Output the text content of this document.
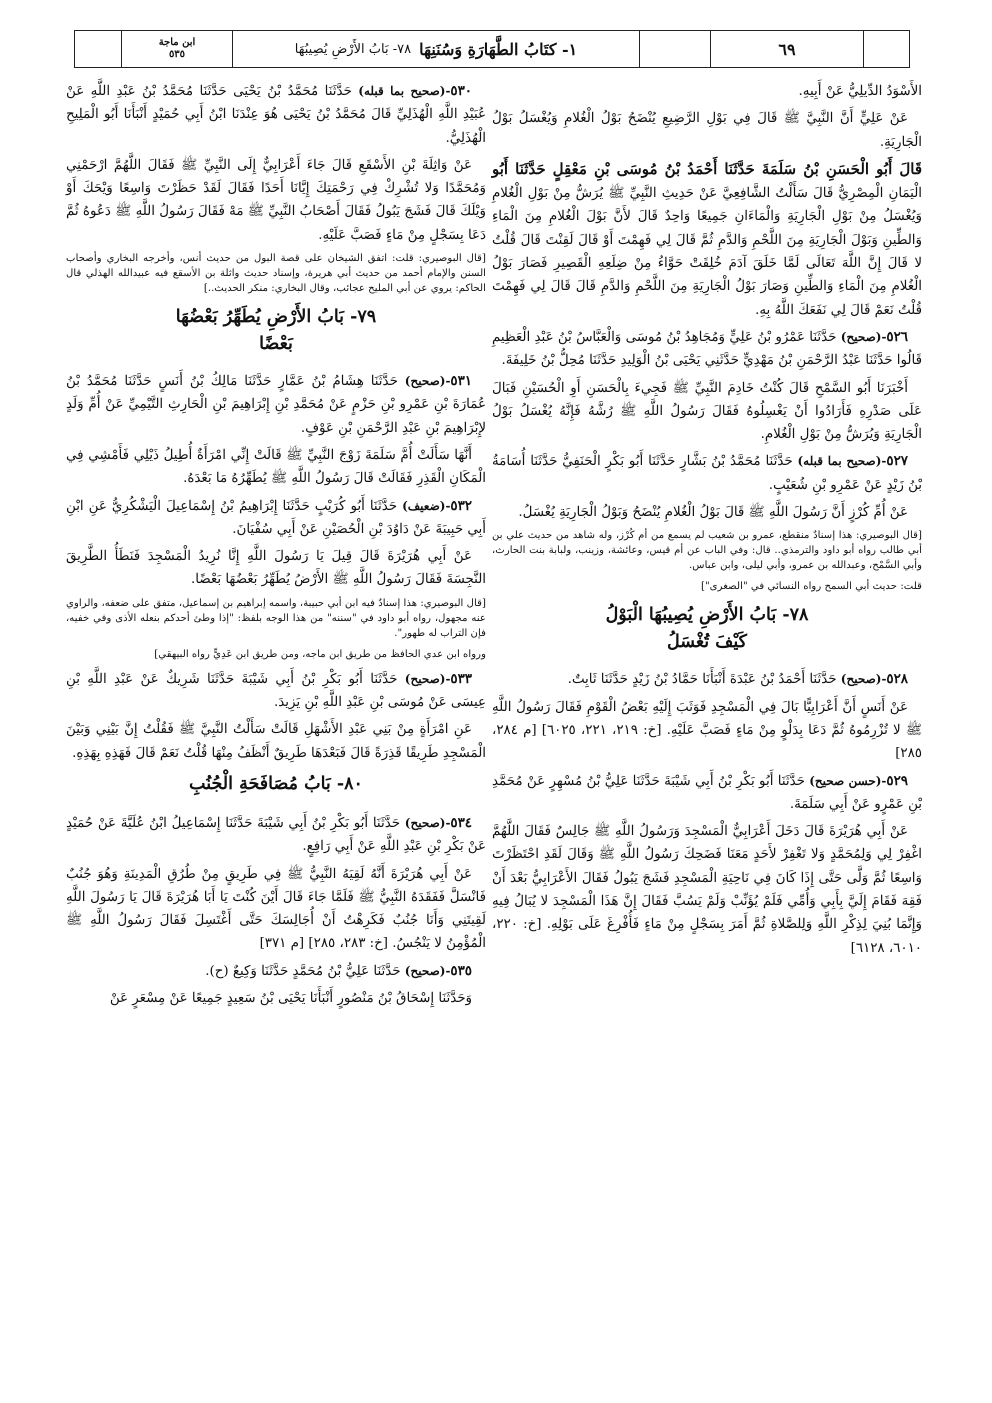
ابن ماجة
٥٣٥	١- كتَابُ الطَّهَارَةِ وَسُنَنِهَا
٧٨- بَابُ الأَرْضِ يُصِيبُهَا	٦٩

الأَسْوَدُ الدِّيلِيُّ عَنْ أَبِيهِ.

عَنْ عَلِيٍّ أَنَّ النَّبِيَّ ﷺ قَالَ فِي بَوْلِ الرَّضِيعِ يُنْضَحُ بَوْلُ الْغُلامِ وَيُغْسَلُ بَوْلُ الْجَارِيَةِ.

قَالَ أَبُو الْحَسَنِ بْنُ سَلَمَةَ حَدَّثَنَا أَحْمَدُ بْنُ مُوسَى بْنِ مَعْقِلٍ حَدَّثَنَا أَبُو الْيَمَانِ الْمِصْرِيُّ قَالَ سَأَلْتُ الشَّافِعِيَّ عَنْ حَدِيثِ النَّبِيِّ ﷺ يُرَشُّ مِنْ بَوْلِ الْغُلامِ وَيُغْسَلُ مِنْ بَوْلِ الْجَارِيَةِ وَالْمَاءَانِ جَمِيعًا وَاحِدٌ قَالَ لأَنَّ بَوْلَ الْغُلامِ مِنَ الْمَاءِ وَالطِّينِ وَبَوْلَ الْجَارِيَةِ مِنَ اللَّحْمِ وَالدَّمِ ثُمَّ قَالَ لِي فَهِمْتَ أَوْ قَالَ لَقِنْتَ قَالَ قُلْتُ لا قَالَ إِنَّ اللَّهَ تَعَالَى لَمَّا خَلَقَ آدَمَ خُلِقَتْ حَوَّاءُ مِنْ ضِلَعِهِ الْقَصِيرِ فَصَارَ بَوْلُ الْغُلامِ مِنَ الْمَاءِ وَالطِّينِ وَصَارَ بَوْلُ الْجَارِيَةِ مِنَ اللَّحْمِ وَالدَّمِ قَالَ قَالَ لِي فَهِمْتَ قُلْتُ نَعَمْ قَالَ لِي نَفَعَكَ اللَّهُ بِهِ.

٥٢٦-(صحيح) حَدَّثَنَا عَمْرُو بْنُ عَلِيٍّ وَمُجَاهِدُ بْنُ مُوسَى وَالْعَبَّاسُ بْنُ عَبْدِ الْعَظِيمِ قَالُوا حَدَّثَنَا عَبْدُ الرَّحْمَنِ بْنُ مَهْدِيٍّ حَدَّثَنِي يَحْيَى بْنُ الْوَلِيدِ حَدَّثَنَا مُحِلُّ بْنُ خَلِيفَةَ.

أَخْبَرَنَا أَبُو السَّمْحِ قَالَ كُنْتُ خَادِمَ النَّبِيِّ ﷺ فَجِيءَ بِالْحَسَنِ أَوِ الْحُسَيْنِ فَبَالَ عَلَى صَدْرِهِ فَأَرَادُوا أَنْ يَغْسِلُوهُ فَقَالَ رَسُولُ اللَّهِ ﷺ رُشَّهُ فَإِنَّهُ يُغْسَلُ بَوْلُ الْجَارِيَةِ وَيُرَشُّ مِنْ بَوْلِ الْغُلامِ.

٥٢٧-(صحيح بما قبله) حَدَّثَنَا مُحَمَّدُ بْنُ بَشَّارٍ حَدَّثَنَا أَبُو بَكْرٍ الْحَنَفِيُّ حَدَّثَنَا أُسَامَةُ بْنُ زَيْدٍ عَنْ عَمْرِو بْنِ شُعَيْبٍ.

عَنْ أُمِّ كُرْزٍ أَنَّ رَسُولَ اللَّهِ ﷺ قَالَ بَوْلُ الْغُلامِ يُنْضَحُ وَبَوْلُ الْجَارِيَةِ يُغْسَلُ.

[قال البوصيري: هذا إسنادٌ منقطع، عمرو بن شعيب لم يسمع من أم كُرْز، وله شاهد من حديث علي بن أبي طالب رواه أبو داود والترمذي.. قال: وفي الباب عن أم قيس، وعائشة، وزينب، ولبابة بنت الحارث، وأبي السَّمْح، وعبدالله بن عمرو، وأبي ليلى، وابن عباس.

قلت: حديث أبي السمح رواه النسائي في "الصغرى"]

٧٨- بَابُ الأَرْضِ يُصِيبُهَا الْبَوْلُ
كَيْفَ تُغْسَلُ

٥٢٨-(صحيح) حَدَّثَنَا أَحْمَدُ بْنُ عَبْدَةَ أَنْبَأَنَا حَمَّادُ بْنُ زَيْدٍ حَدَّثَنَا ثَابِتٌ.

عَنْ أَنَسٍ أَنَّ أَعْرَابِيًّا بَالَ فِي الْمَسْجِدِ فَوَثَبَ إِلَيْهِ بَعْضُ الْقَوْمِ فَقَالَ رَسُولُ اللَّهِ ﷺ لا تُزْرِمُوهُ ثُمَّ دَعَا بِدَلْوٍ مِنْ مَاءٍ فَصَبَّ عَلَيْهِ. [خ: ٢١٩، ٢٢١، ٦٠٢٥] [م ٢٨٤، ٢٨٥]

٥٢٩-(حسن صحيح) حَدَّثَنَا أَبُو بَكْرِ بْنُ أَبِي شَيْبَةَ حَدَّثَنَا عَلِيُّ بْنُ مُسْهِرٍ عَنْ مُحَمَّدِ بْنِ عَمْرٍو عَنْ أَبِي سَلَمَةَ.

عَنْ أَبِي هُرَيْرَةَ قَالَ دَخَلَ أَعْرَابِيٌّ الْمَسْجِدَ وَرَسُولُ اللَّهِ ﷺ جَالِسٌ فَقَالَ اللَّهُمَّ اغْفِرْ لِي وَلِمُحَمَّدٍ وَلا تَغْفِرْ لأَحَدٍ مَعَنَا فَضَحِكَ رَسُولُ اللَّهِ ﷺ وَقَالَ لَقَدِ احْتَظَرْتَ وَاسِعًا ثُمَّ وَلَّى حَتَّى إِذَا كَانَ فِي نَاحِيَةِ الْمَسْجِدِ فَشَجَ يَبُولُ فَقَالَ الأَعْرَابِيُّ بَعْدَ أَنْ فَقِهَ فَقَامَ إِلَيَّ بِأَبِي وَأُمِّي فَلَمْ يُؤَنِّبْ وَلَمْ يَسُبَّ فَقَالَ إِنَّ هَذَا الْمَسْجِدَ لا يُبَالُ فِيهِ وَإِنَّمَا بُنِيَ لِذِكْرِ اللَّهِ وَلِلصَّلاةِ ثُمَّ أَمَرَ بِسَجْلٍ مِنْ مَاءٍ فَأُفْرِغَ عَلَى بَوْلِهِ. [خ: ٢٢٠، ٦٠١٠، ٦١٢٨]

٥٣٠-(صحيح بما قبله) حَدَّثَنَا مُحَمَّدُ بْنُ يَحْيَى حَدَّثَنَا مُحَمَّدُ بْنُ عَبْدِ اللَّهِ عَنْ عُبَيْدِ اللَّهِ الْهُذَلِيِّ قَالَ مُحَمَّدُ بْنُ يَحْيَى هُوَ عِنْدَنَا ابْنُ أَبِي حُمَيْدٍ أَنْبَأَنَا أَبُو الْمَلِيحِ الْهُذَلِيُّ.

عَنْ وَاثِلَةَ بْنِ الأَسْقَعِ قَالَ جَاءَ أَعْرَابِيٌّ إِلَى النَّبِيِّ ﷺ فَقَالَ اللَّهُمَّ ارْحَمْنِي وَمُحَمَّدًا وَلا تُشْرِكْ فِي رَحْمَتِكَ إِيَّانَا أَحَدًا فَقَالَ لَقَدْ حَظَرْتَ وَاسِعًا وَيْحَكَ أَوْ وَيْلَكَ قَالَ فَشَجَ يَبُولُ فَقَالَ أَصْحَابُ النَّبِيِّ ﷺ مَهْ فَقَالَ رَسُولُ اللَّهِ ﷺ دَعُوهُ ثُمَّ دَعَا بِسَجْلٍ مِنْ مَاءٍ فَصَبَّ عَلَيْهِ.

[قال البوصيري: قلت: اتفق الشيخان على قصة البول من حديث أنس، وأخرجه البخاري وأصحاب السنن والإمام أحمد من حديث أبي هريرة، وإسناد حديث واثلة بن الأسقع فيه عبيدالله الهذلي قال الحاكم: يروي عن أبي المليح عجائب، وقال البخاري: منكر الحديث..]

٧٩- بَابُ الأَرْضِ يُطَهِّرُ بَعْضُهَا
بَعْضًا

٥٣١-(صحيح) حَدَّثَنَا هِشَامُ بْنُ عَمَّارٍ حَدَّثَنَا مَالِكُ بْنُ أَنَسٍ حَدَّثَنَا مُحَمَّدُ بْنُ عُمَارَةَ بْنِ عَمْرِو بْنِ حَزْمٍ عَنْ مُحَمَّدِ بْنِ إِبْرَاهِيمَ بْنِ الْحَارِثِ التَّيْمِيِّ عَنْ أُمِّ وَلَدٍ لإِبْرَاهِيمَ بْنِ عَبْدِ الرَّحْمَنِ بْنِ عَوْفٍ.

أَنَّهَا سَأَلَتْ أُمَّ سَلَمَةَ زَوْجَ النَّبِيِّ ﷺ قَالَتْ إِنِّي امْرَأَةٌ أُطِيلُ ذَيْلِي فَأَمْشِي فِي الْمَكَانِ الْقَذِرِ فَقَالَتْ قَالَ رَسُولُ اللَّهِ ﷺ يُطَهِّرُهُ مَا بَعْدَهُ.

٥٣٢-(ضعيف) حَدَّثَنَا أَبُو كُرَيْبٍ حَدَّثَنَا إِبْرَاهِيمُ بْنُ إِسْمَاعِيلَ الْيَشْكُرِيُّ عَنِ ابْنِ أَبِي حَبِيبَةَ عَنْ دَاوُدَ بْنِ الْحُصَيْنِ عَنْ أَبِي سُفْيَانَ.

عَنْ أَبِي هُرَيْرَةَ قَالَ قِيلَ يَا رَسُولَ اللَّهِ إِنَّا نُرِيدُ الْمَسْجِدَ فَنَطَأُ الطَّرِيقَ النَّجِسَةَ فَقَالَ رَسُولُ اللَّهِ ﷺ الأَرْضُ يُطَهِّرُ بَعْضُهَا بَعْضًا.

[قال البوصيري: هذا إسنادٌ فيه ابن أبي حبيبة، واسمه إبراهيم بن إسماعيل، متفق على ضعفه، والراوي عنه مجهول، رواه أبو داود في "سننه" من هذا الوجه بلفظ: "إذا وطئ أحدكم بنعله الأذى وفي خفيه، فإن التراب له طهور".

ورواه ابن عدي الحافظ من طريق ابن ماجه، ومن طريق ابن عَدِيٍّ رواه البيهقي]

٥٣٣-(صحيح) حَدَّثَنَا أَبُو بَكْرِ بْنُ أَبِي شَيْبَةَ حَدَّثَنَا شَرِيكٌ عَنْ عَبْدِ اللَّهِ بْنِ عِيسَى عَنْ مُوسَى بْنِ عَبْدِ اللَّهِ بْنِ يَزِيدَ.

عَنِ امْرَأَةٍ مِنْ بَنِي عَبْدِ الأَشْهَلِ قَالَتْ سَأَلْتُ النَّبِيَّ ﷺ فَقُلْتُ إِنَّ بَيْنِي وَبَيْنَ الْمَسْجِدِ طَرِيقًا قَذِرَةً قَالَ فَبَعْدَهَا طَرِيقٌ أَنْظَفُ مِنْهَا قُلْتُ نَعَمْ قَالَ فَهَذِهِ بِهَذِهِ.

٨٠- بَابُ مُصَافَحَةِ الْجُنُبِ

٥٣٤-(صحيح) حَدَّثَنَا أَبُو بَكْرِ بْنُ أَبِي شَيْبَةَ حَدَّثَنَا إِسْمَاعِيلُ ابْنُ عُلَيَّةَ عَنْ حُمَيْدٍ عَنْ بَكْرِ بْنِ عَبْدِ اللَّهِ عَنْ أَبِي رَافِعٍ.

عَنْ أَبِي هُرَيْرَةَ أَنَّهُ لَقِيَهُ النَّبِيُّ ﷺ فِي طَرِيقٍ مِنْ طُرُقِ الْمَدِينَةِ وَهُوَ جُنُبٌ فَانْسَلَّ فَفَقَدَهُ النَّبِيُّ ﷺ فَلَمَّا جَاءَ قَالَ أَيْنَ كُنْتَ يَا أَبَا هُرَيْرَةَ قَالَ يَا رَسُولَ اللَّهِ لَقِيتَنِي وَأَنَا جُنُبٌ فَكَرِهْتُ أَنْ أُجَالِسَكَ حَتَّى أَغْتَسِلَ فَقَالَ رَسُولُ اللَّهِ ﷺ الْمُؤْمِنُ لا يَنْجُسُ. [خ: ٢٨٣، ٢٨٥] [م ٣٧١]

٥٣٥-(صحيح) حَدَّثَنَا عَلِيُّ بْنُ مُحَمَّدٍ حَدَّثَنَا وَكِيعٌ (ح).

وَحَدَّثَنَا إِسْحَاقُ بْنُ مَنْصُورٍ أَنْبَأَنَا يَحْيَى بْنُ سَعِيدٍ جَمِيعًا عَنْ مِسْعَرٍ عَنْ
